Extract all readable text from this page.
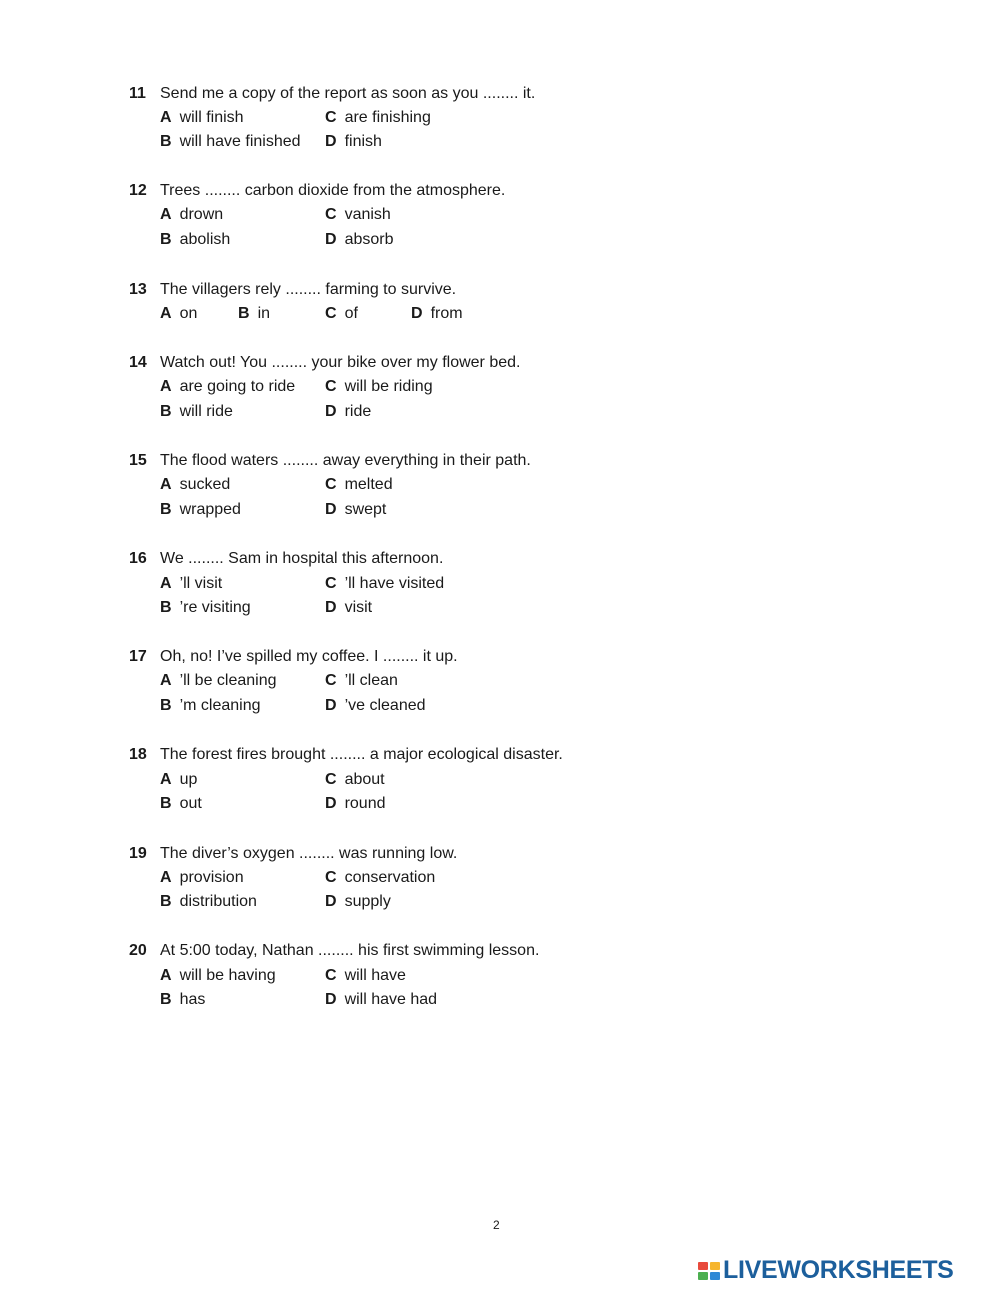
11 Send me a copy of the report as soon as you ........ it.
A will finish	C are finishing
B will have finished D finish
12 Trees ........ carbon dioxide from the atmosphere.
A drown	C vanish
B abolish	D absorb
13 The villagers rely ........ farming to survive.
A on	B in	C of	D from
14 Watch out! You ........ your bike over my flower bed.
A are going to ride C will be riding
B will ride	D ride
15 The flood waters ........ away everything in their path.
A sucked	C melted
B wrapped	D swept
16 We ........ Sam in hospital this afternoon.
A ’ll visit	C ’ll have visited
B ’re visiting	D visit
17 Oh, no! I’ve spilled my coffee. I ........ it up.
A ’ll be cleaning	C ’ll clean
B ’m cleaning	D ’ve cleaned
18 The forest fires brought ........ a major ecological disaster.
A up	C about
B out	D round
19 The diver’s oxygen ........ was running low.
A provision	C conservation
B distribution	D supply
20 At 5:00 today, Nathan ........ his first swimming lesson.
A will be having	C will have
B has	D will have had
2
LIVEWORKSHEETS
